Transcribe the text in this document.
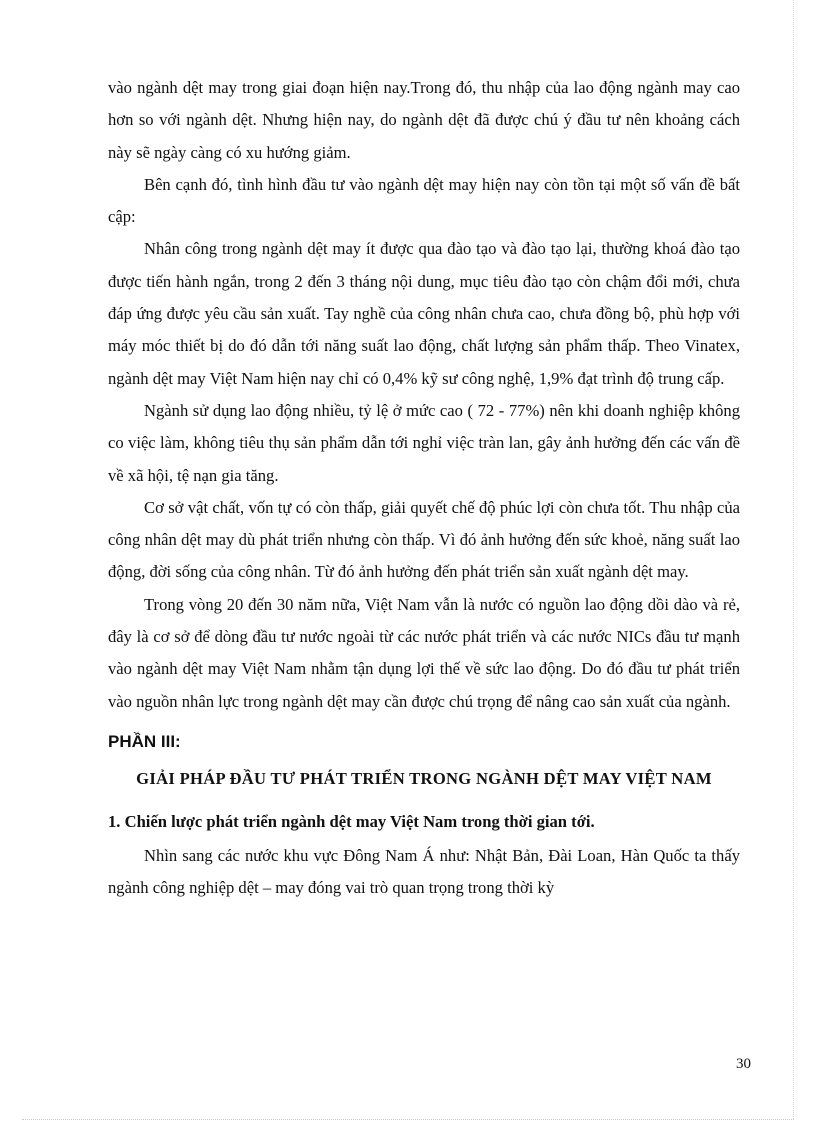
vào ngành dệt may trong giai đoạn hiện nay.Trong đó, thu nhập của lao động ngành may cao hơn so với ngành dệt. Nhưng hiện nay, do ngành dệt đã được chú ý đầu tư nên khoảng cách này sẽ ngày càng có xu hướng giảm.

Bên cạnh đó, tình hình đầu tư vào ngành dệt may hiện nay còn tồn tại một số vấn đề bất cập:

Nhân công trong ngành dệt may ít được qua đào tạo và đào tạo lại, thường khoá đào tạo được tiến hành ngắn, trong 2 đến 3 tháng nội dung, mục tiêu đào tạo còn chậm đổi mới, chưa đáp ứng được yêu cầu sản xuất. Tay nghề của công nhân chưa cao, chưa đồng bộ, phù hợp với máy móc thiết bị do đó dẫn tới năng suất lao động, chất lượng sản phẩm thấp. Theo Vinatex, ngành dệt may Việt Nam hiện nay chỉ có 0,4% kỹ sư công nghệ, 1,9% đạt trình độ trung cấp.

Ngành sử dụng lao động nhiều, tỷ lệ ở mức cao ( 72 - 77%) nên khi doanh nghiệp không co việc làm, không tiêu thụ sản phẩm dẫn tới nghỉ việc tràn lan, gây ảnh hưởng đến các vấn đề về xã hội, tệ nạn gia tăng.

Cơ sở vật chất, vốn tự có còn thấp, giải quyết chế độ phúc lợi còn chưa tốt. Thu nhập của công nhân dệt may dù phát triển nhưng còn thấp. Vì đó ảnh hưởng đến sức khoẻ, năng suất lao động, đời sống của công nhân. Từ đó ảnh hưởng đến phát triển sản xuất ngành dệt may.

Trong vòng 20 đến 30 năm nữa, Việt Nam vẫn là nước có nguồn lao động dồi dào và rẻ, đây là cơ sở để dòng đầu tư nước ngoài từ các nước phát triển và các nước NICs đầu tư mạnh vào ngành dệt may Việt Nam nhằm tận dụng lợi thế về sức lao động. Do đó đầu tư phát triển vào nguồn nhân lực trong ngành dệt may cần được chú trọng để nâng cao sản xuất của ngành.

PHẦN III:
GIẢI PHÁP ĐẦU TƯ PHÁT TRIỂN TRONG NGÀNH DỆT MAY VIỆT NAM
1. Chiến lược phát triển ngành dệt may Việt Nam trong thời gian tới.

Nhìn sang các nước khu vực Đông Nam Á như: Nhật Bản, Đài Loan, Hàn Quốc ta thấy ngành công nghiệp dệt – may đóng vai trò quan trọng trong thời kỳ

30
